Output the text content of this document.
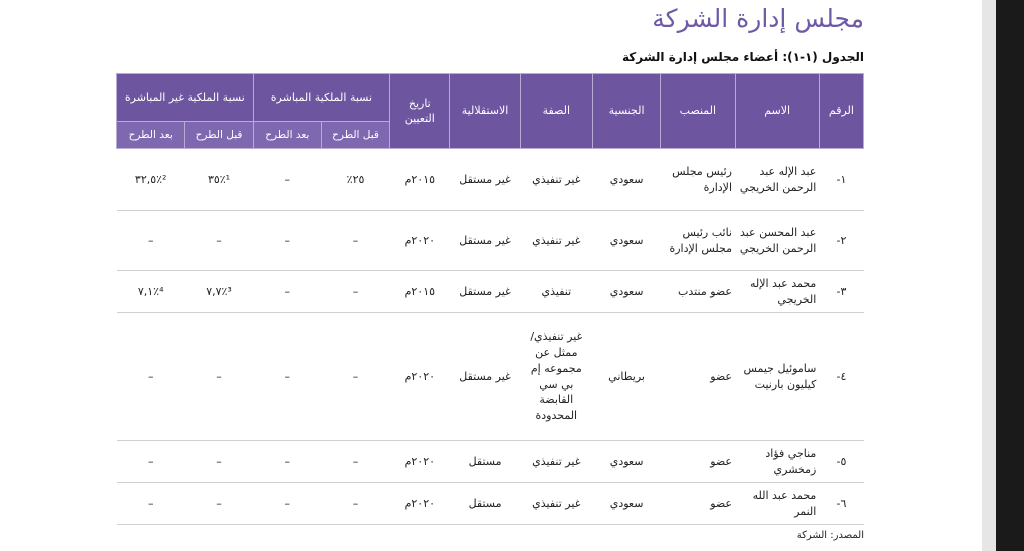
مجلس إدارة الشركة

الجدول (١-١): أعضاء مجلس إدارة الشركة

الرقم	الاسم	المنصب	الجنسية	الصفة	الاستقلالية	تاريخ التعيين	نسبة الملكية المباشرة		نسبة الملكية غير المباشرة	
							قبل الطرح	بعد الطرح	قبل الطرح	بعد الطرح
١-	عبد الإله عبد الرحمن الخريجي	رئيس مجلس الإدارة	سعودي	غير تنفيذي	غير مستقل	٢٠١٥م	٢٥٪	–	٣٥٪¹	٣٢,٥٪²
٢-	عبد المحسن عبد الرحمن الخريجي	نائب رئيس مجلس الإدارة	سعودي	غير تنفيذي	غير مستقل	٢٠٢٠م	–	–	–	–
٣-	محمد عبد الإله الخريجي	عضو منتدب	سعودي	تنفيذي	غير مستقل	٢٠١٥م	–	–	٧,٧٪³	٧,١٪⁴
٤-	ساموئيل جيمس كيليون بارنيت	عضو	بريطاني	غير تنفيذي/ ممثل عن مجموعه إم بي سي القابضة المحدودة	غير مستقل	٢٠٢٠م	–	–	–	–
٥-	مناجي فؤاد زمخشري	عضو	سعودي	غير تنفيذي	مستقل	٢٠٢٠م	–	–	–	–
٦-	محمد عبد الله النمر	عضو	سعودي	غير تنفيذي	مستقل	٢٠٢٠م	–	–	–	–
المصدر: الشركة
